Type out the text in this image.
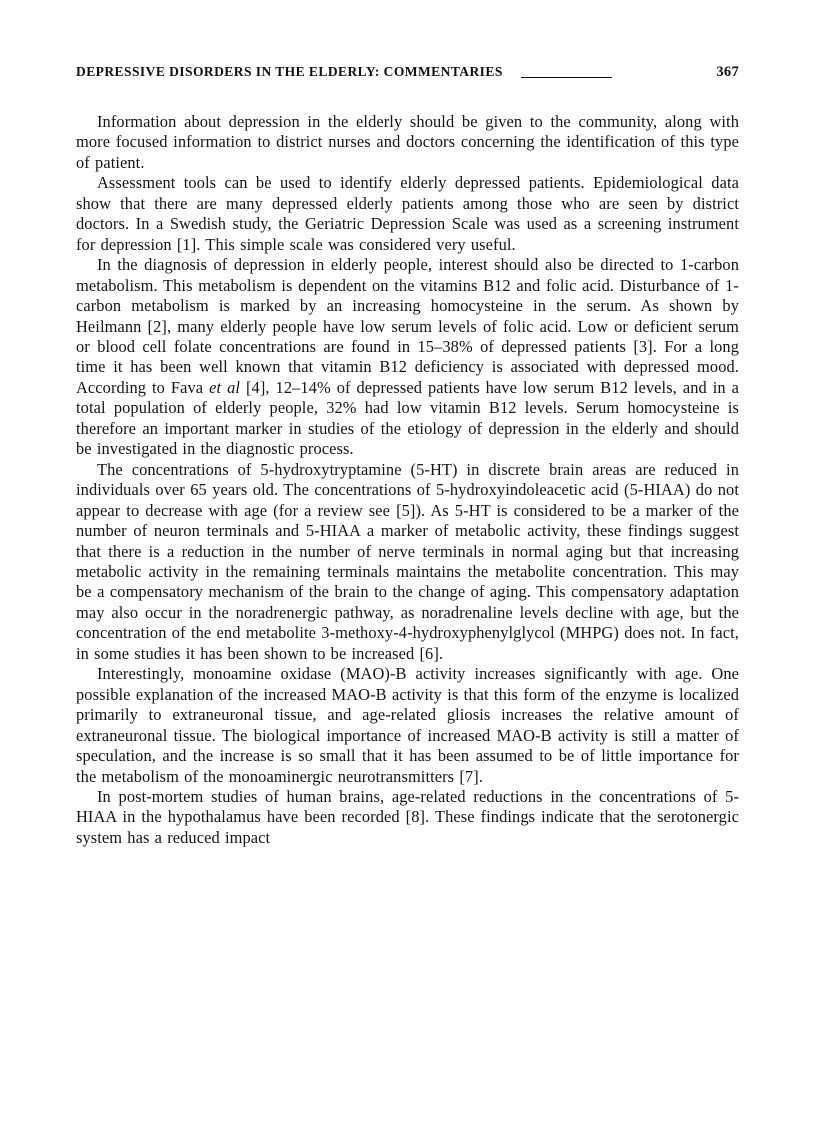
DEPRESSIVE DISORDERS IN THE ELDERLY: COMMENTARIES	367

Information about depression in the elderly should be given to the community, along with more focused information to district nurses and doctors concerning the identification of this type of patient.

Assessment tools can be used to identify elderly depressed patients. Epidemiological data show that there are many depressed elderly patients among those who are seen by district doctors. In a Swedish study, the Geriatric Depression Scale was used as a screening instrument for depression [1]. This simple scale was considered very useful.

In the diagnosis of depression in elderly people, interest should also be directed to 1-carbon metabolism. This metabolism is dependent on the vitamins B12 and folic acid. Disturbance of 1-carbon metabolism is marked by an increasing homocysteine in the serum. As shown by Heilmann [2], many elderly people have low serum levels of folic acid. Low or deficient serum or blood cell folate concentrations are found in 15–38% of depressed patients [3]. For a long time it has been well known that vitamin B12 deficiency is associated with depressed mood. According to Fava et al [4], 12–14% of depressed patients have low serum B12 levels, and in a total population of elderly people, 32% had low vitamin B12 levels. Serum homocysteine is therefore an important marker in studies of the etiology of depression in the elderly and should be investigated in the diagnostic process.

The concentrations of 5-hydroxytryptamine (5-HT) in discrete brain areas are reduced in individuals over 65 years old. The concentrations of 5-hydroxyindoleacetic acid (5-HIAA) do not appear to decrease with age (for a review see [5]). As 5-HT is considered to be a marker of the number of neuron terminals and 5-HIAA a marker of metabolic activity, these findings suggest that there is a reduction in the number of nerve terminals in normal aging but that increasing metabolic activity in the remaining terminals maintains the metabolite concentration. This may be a compensatory mechanism of the brain to the change of aging. This compensatory adaptation may also occur in the noradrenergic pathway, as noradrenaline levels decline with age, but the concentration of the end metabolite 3-methoxy-4-hydroxyphenylglycol (MHPG) does not. In fact, in some studies it has been shown to be increased [6].

Interestingly, monoamine oxidase (MAO)-B activity increases significantly with age. One possible explanation of the increased MAO-B activity is that this form of the enzyme is localized primarily to extraneuronal tissue, and age-related gliosis increases the relative amount of extraneuronal tissue. The biological importance of increased MAO-B activity is still a matter of speculation, and the increase is so small that it has been assumed to be of little importance for the metabolism of the monoaminergic neurotransmitters [7].

In post-mortem studies of human brains, age-related reductions in the concentrations of 5-HIAA in the hypothalamus have been recorded [8]. These findings indicate that the serotonergic system has a reduced impact
